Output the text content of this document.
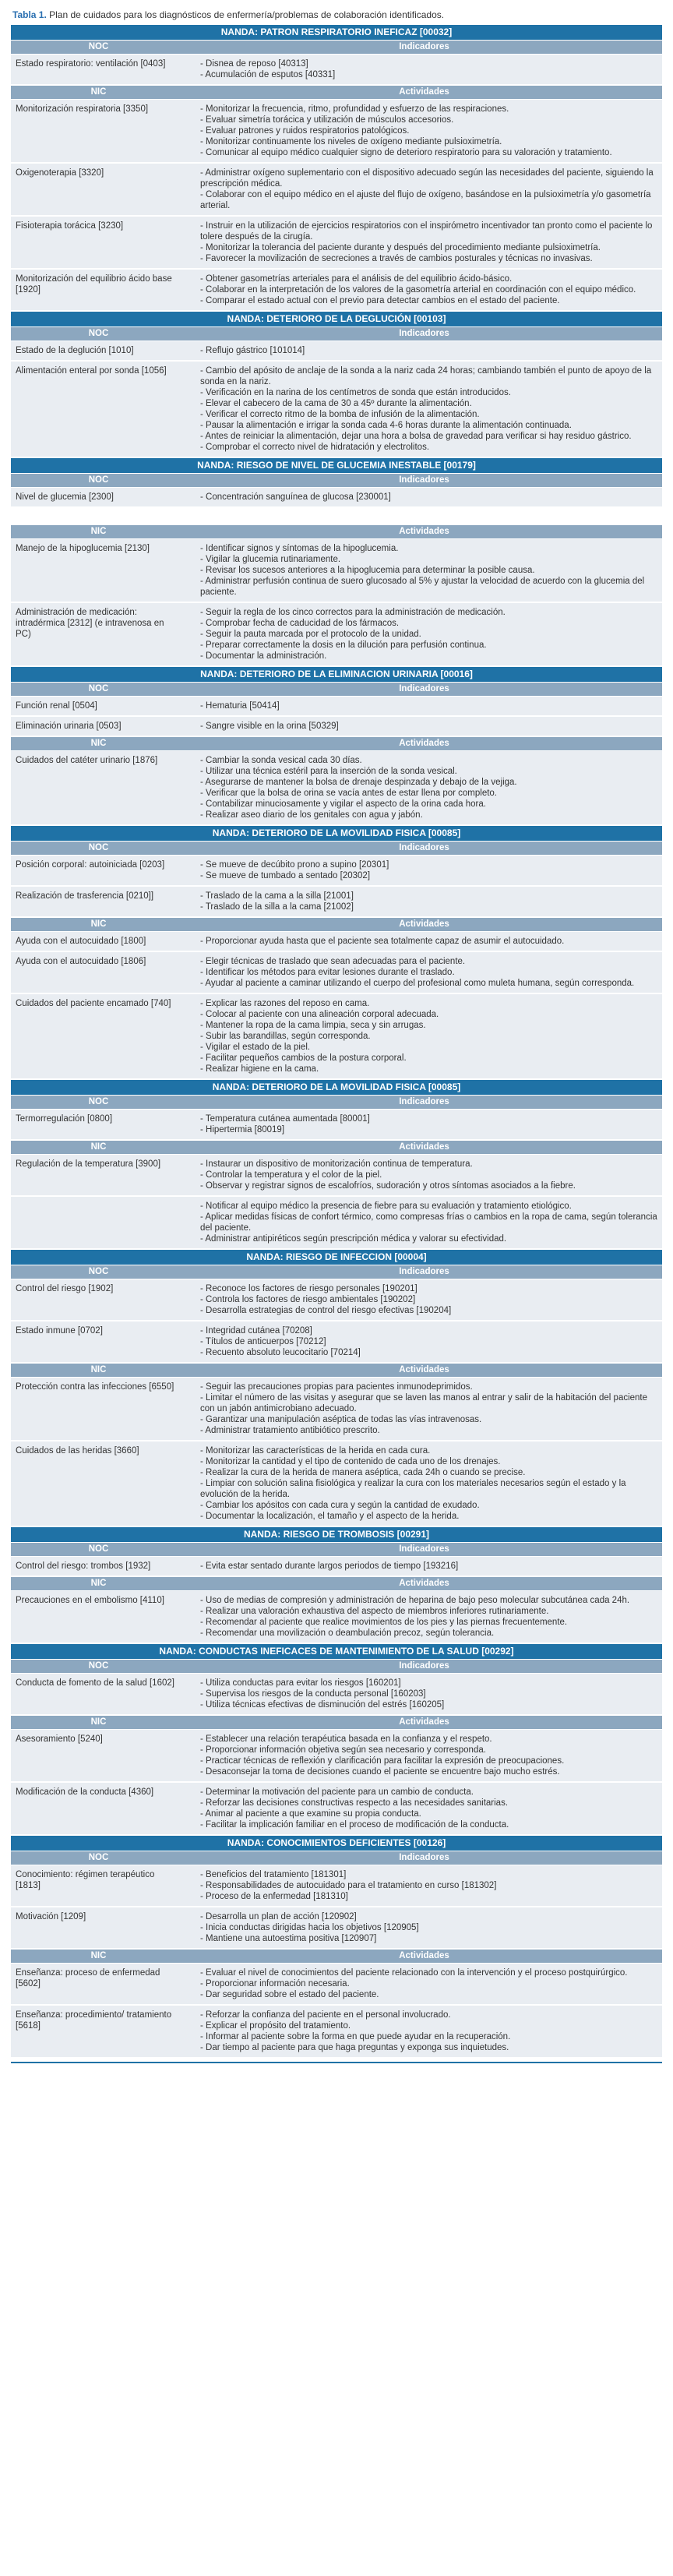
Tabla 1. Plan de cuidados para los diagnósticos de enfermería/problemas de colaboración identificados.
NANDA: PATRON RESPIRATORIO INEFICAZ [00032]
NOC	Indicadores
Estado respiratorio: ventilación [0403]	- Disnea de reposo [40313]
- Acumulación de esputos [40331]
NIC	Actividades
Monitorización respiratoria [3350]	- Monitorizar la frecuencia, ritmo, profundidad y esfuerzo de las respiraciones.
- Evaluar simetría torácica y utilización de músculos accesorios.
- Evaluar patrones y ruidos respiratorios patológicos.
- Monitorizar continuamente los niveles de oxígeno mediante pulsioximetría.
- Comunicar al equipo médico cualquier signo de deterioro respiratorio para su valoración y tratamiento.
Oxigenoterapia [3320]	- Administrar oxígeno suplementario con el dispositivo adecuado según las necesidades del paciente, siguiendo la prescripción médica.
- Colaborar con el equipo médico en el ajuste del flujo de oxígeno, basándose en la pulsioximetría y/o gasometría arterial.
Fisioterapia torácica [3230]	- Instruir en la utilización de ejercicios respiratorios con el inspirómetro incentivador tan pronto como el paciente lo tolere después de la cirugía.
- Monitorizar la tolerancia del paciente durante y después del procedimiento mediante pulsioximetría.
- Favorecer la movilización de secreciones a través de cambios posturales y técnicas no invasivas.
Monitorización del equilibrio ácido base [1920]
- Obtener gasometrías arteriales para el análisis de del equilibrio ácido-básico.
- Colaborar en la interpretación de los valores de la gasometría arterial en coordinación con el equipo médico.
- Comparar el estado actual con el previo para detectar cambios en el estado del paciente.
NANDA: DETERIORO DE LA DEGLUCIÓN [00103]
NOC	Indicadores
Estado de la deglución [1010]	- Reflujo gástrico [101014]
Alimentación enteral por sonda [1056]	- Cambio del apósito de anclaje de la sonda a la nariz cada 24 horas; cambiando también el punto de apoyo de la sonda en la nariz.
- Verificación en la narina de los centímetros de sonda que están introducidos.
- Elevar el cabecero de la cama de 30 a 45º durante la alimentación.
- Verificar el correcto ritmo de la bomba de infusión de la alimentación.
- Pausar la alimentación e irrigar la sonda cada 4-6 horas durante la alimentación continuada.
- Antes de reiniciar la alimentación, dejar una hora a bolsa de gravedad para verificar si hay residuo gástrico.
- Comprobar el correcto nivel de hidratación y electrolitos.
NANDA: RIESGO DE NIVEL DE GLUCEMIA INESTABLE [00179]
NOC	Indicadores
Nivel de glucemia [2300]	- Concentración sanguínea de glucosa [230001]
NIC	Actividades
Manejo de la hipoglucemia [2130]	- Identificar signos y síntomas de la hipoglucemia.
- Vigilar la glucemia rutinariamente.
- Revisar los sucesos anteriores a la hipoglucemia para determinar la posible causa.
- Administrar perfusión continua de suero glucosado al 5% y ajustar la velocidad de acuerdo con la glucemia del paciente.
Administración de medicación: intradérmica [2312] (e intravenosa en PC)
- Seguir la regla de los cinco correctos para la administración de medicación.
- Comprobar fecha de caducidad de los fármacos.
- Seguir la pauta marcada por el protocolo de la unidad.
- Preparar correctamente la dosis en la dilución para perfusión continua.
- Documentar la administración.
NANDA: DETERIORO DE LA ELIMINACION URINARIA [00016]
NOC	Indicadores
Función renal [0504]	- Hematuria [50414]
Eliminación urinaria [0503]	- Sangre visible en la orina [50329]
NIC	Actividades
Cuidados del catéter urinario [1876]	- Cambiar la sonda vesical cada 30 días.
- Utilizar una técnica estéril para la inserción de la sonda vesical.
- Asegurarse de mantener la bolsa de drenaje despinzada y debajo de la vejiga.
- Verificar que la bolsa de orina se vacía antes de estar llena por completo.
- Contabilizar minuciosamente y vigilar el aspecto de la orina cada hora.
- Realizar aseo diario de los genitales con agua y jabón.
NANDA: DETERIORO DE LA MOVILIDAD FISICA [00085]
NOC	Indicadores
Posición corporal: autoiniciada [0203]	- Se mueve de decúbito prono a supino [20301]
- Se mueve de tumbado a sentado [20302]
Realización de trasferencia [0210]]	- Traslado de la cama a la silla [21001]
- Traslado de la silla a la cama [21002]
NIC	Actividades
Ayuda con el autocuidado [1800]	- Proporcionar ayuda hasta que el paciente sea totalmente capaz de asumir el autocuidado.
Ayuda con el autocuidado [1806]	- Elegir técnicas de traslado que sean adecuadas para el paciente.
- Identificar los métodos para evitar lesiones durante el traslado.
- Ayudar al paciente a caminar utilizando el cuerpo del profesional como muleta humana, según corresponda.
Cuidados del paciente encamado [740]	- Explicar las razones del reposo en cama.
- Colocar al paciente con una alineación corporal adecuada.
- Mantener la ropa de la cama limpia, seca y sin arrugas.
- Subir las barandillas, según corresponda.
- Vigilar el estado de la piel.
- Facilitar pequeños cambios de la postura corporal.
- Realizar higiene en la cama.
NANDA: DETERIORO DE LA MOVILIDAD FISICA [00085]
NOC	Indicadores
Termorregulación [0800]	- Temperatura cutánea aumentada [80001]
- Hipertermia [80019]
NIC	Actividades
Regulación de la temperatura [3900]	- Instaurar un dispositivo de monitorización continua de temperatura.
- Controlar la temperatura y el color de la piel.
- Observar y registrar signos de escalofríos, sudoración y otros síntomas asociados a la fiebre.
- Notificar al equipo médico la presencia de fiebre para su evaluación y tratamiento etiológico.
- Aplicar medidas físicas de confort térmico, como compresas frías o cambios en la ropa de cama, según tolerancia del paciente.
- Administrar antipiréticos según prescripción médica y valorar su efectividad.
NANDA: RIESGO DE INFECCION [00004]
NOC	Indicadores
Control del riesgo [1902]	- Reconoce los factores de riesgo personales [190201]
- Controla los factores de riesgo ambientales [190202]
- Desarrolla estrategias de control del riesgo efectivas [190204]
Estado inmune [0702]	- Integridad cutánea [70208]
- Títulos de anticuerpos [70212]
- Recuento absoluto leucocitario [70214]
NIC	Actividades
Protección contra las infecciones [6550]	- Seguir las precauciones propias para pacientes inmunodeprimidos.
- Limitar el número de las visitas y asegurar que se laven las manos al entrar y salir de la habitación del paciente con un jabón antimicrobiano adecuado.
- Garantizar una manipulación aséptica de todas las vías intravenosas.
- Administrar tratamiento antibiótico prescrito.
Cuidados de las heridas [3660]	- Monitorizar las características de la herida en cada cura.
- Monitorizar la cantidad y el tipo de contenido de cada uno de los drenajes.
- Realizar la cura de la herida de manera aséptica, cada 24h o cuando se precise.
- Limpiar con solución salina fisiológica y realizar la cura con los materiales necesarios según el estado y la evolución de la herida.
- Cambiar los apósitos con cada cura y según la cantidad de exudado.
- Documentar la localización, el tamaño y el aspecto de la herida.
NANDA: RIESGO DE TROMBOSIS [00291]
NOC	Indicadores
Control del riesgo: trombos [1932]	- Evita estar sentado durante largos periodos de tiempo [193216]
NIC	Actividades
Precauciones en el embolismo [4110]	- Uso de medias de compresión y administración de heparina de bajo peso molecular subcutánea cada 24h.
- Realizar una valoración exhaustiva del aspecto de miembros inferiores rutinariamente.
- Recomendar al paciente que realice movimientos de los pies y las piernas frecuentemente.
- Recomendar una movilización o deambulación precoz, según tolerancia.
NANDA: CONDUCTAS INEFICACES DE MANTENIMIENTO DE LA SALUD [00292]
NOC	Indicadores
Conducta de fomento de la salud [1602]	- Utiliza conductas para evitar los riesgos [160201]
- Supervisa los riesgos de la conducta personal [160203]
- Utiliza técnicas efectivas de disminución del estrés [160205]
NIC	Actividades
Asesoramiento [5240]	- Establecer una relación terapéutica basada en la confianza y el respeto.
- Proporcionar información objetiva según sea necesario y corresponda.
- Practicar técnicas de reflexión y clarificación para facilitar la expresión de preocupaciones.
- Desaconsejar la toma de decisiones cuando el paciente se encuentre bajo mucho estrés.
Modificación de la conducta [4360]	- Determinar la motivación del paciente para un cambio de conducta.
- Reforzar las decisiones constructivas respecto a las necesidades sanitarias.
- Animar al paciente a que examine su propia conducta.
- Facilitar la implicación familiar en el proceso de modificación de la conducta.
NANDA: CONOCIMIENTOS DEFICIENTES [00126]
NOC	Indicadores
Conocimiento: régimen terapéutico [1813]
- Beneficios del tratamiento [181301]
- Responsabilidades de autocuidado para el tratamiento en curso [181302]
- Proceso de la enfermedad [181310]
Motivación [1209]	- Desarrolla un plan de acción [120902]
- Inicia conductas dirigidas hacia los objetivos [120905]
- Mantiene una autoestima positiva [120907]
NIC	Actividades
Enseñanza: proceso de enfermedad [5602]
- Evaluar el nivel de conocimientos del paciente relacionado con la intervención y el proceso postquirúrgico.
- Proporcionar información necesaria.
- Dar seguridad sobre el estado del paciente.
Enseñanza: procedimiento/ tratamiento [5618]
- Reforzar la confianza del paciente en el personal involucrado.
- Explicar el propósito del tratamiento.
- Informar al paciente sobre la forma en que puede ayudar en la recuperación.
- Dar tiempo al paciente para que haga preguntas y exponga sus inquietudes.
